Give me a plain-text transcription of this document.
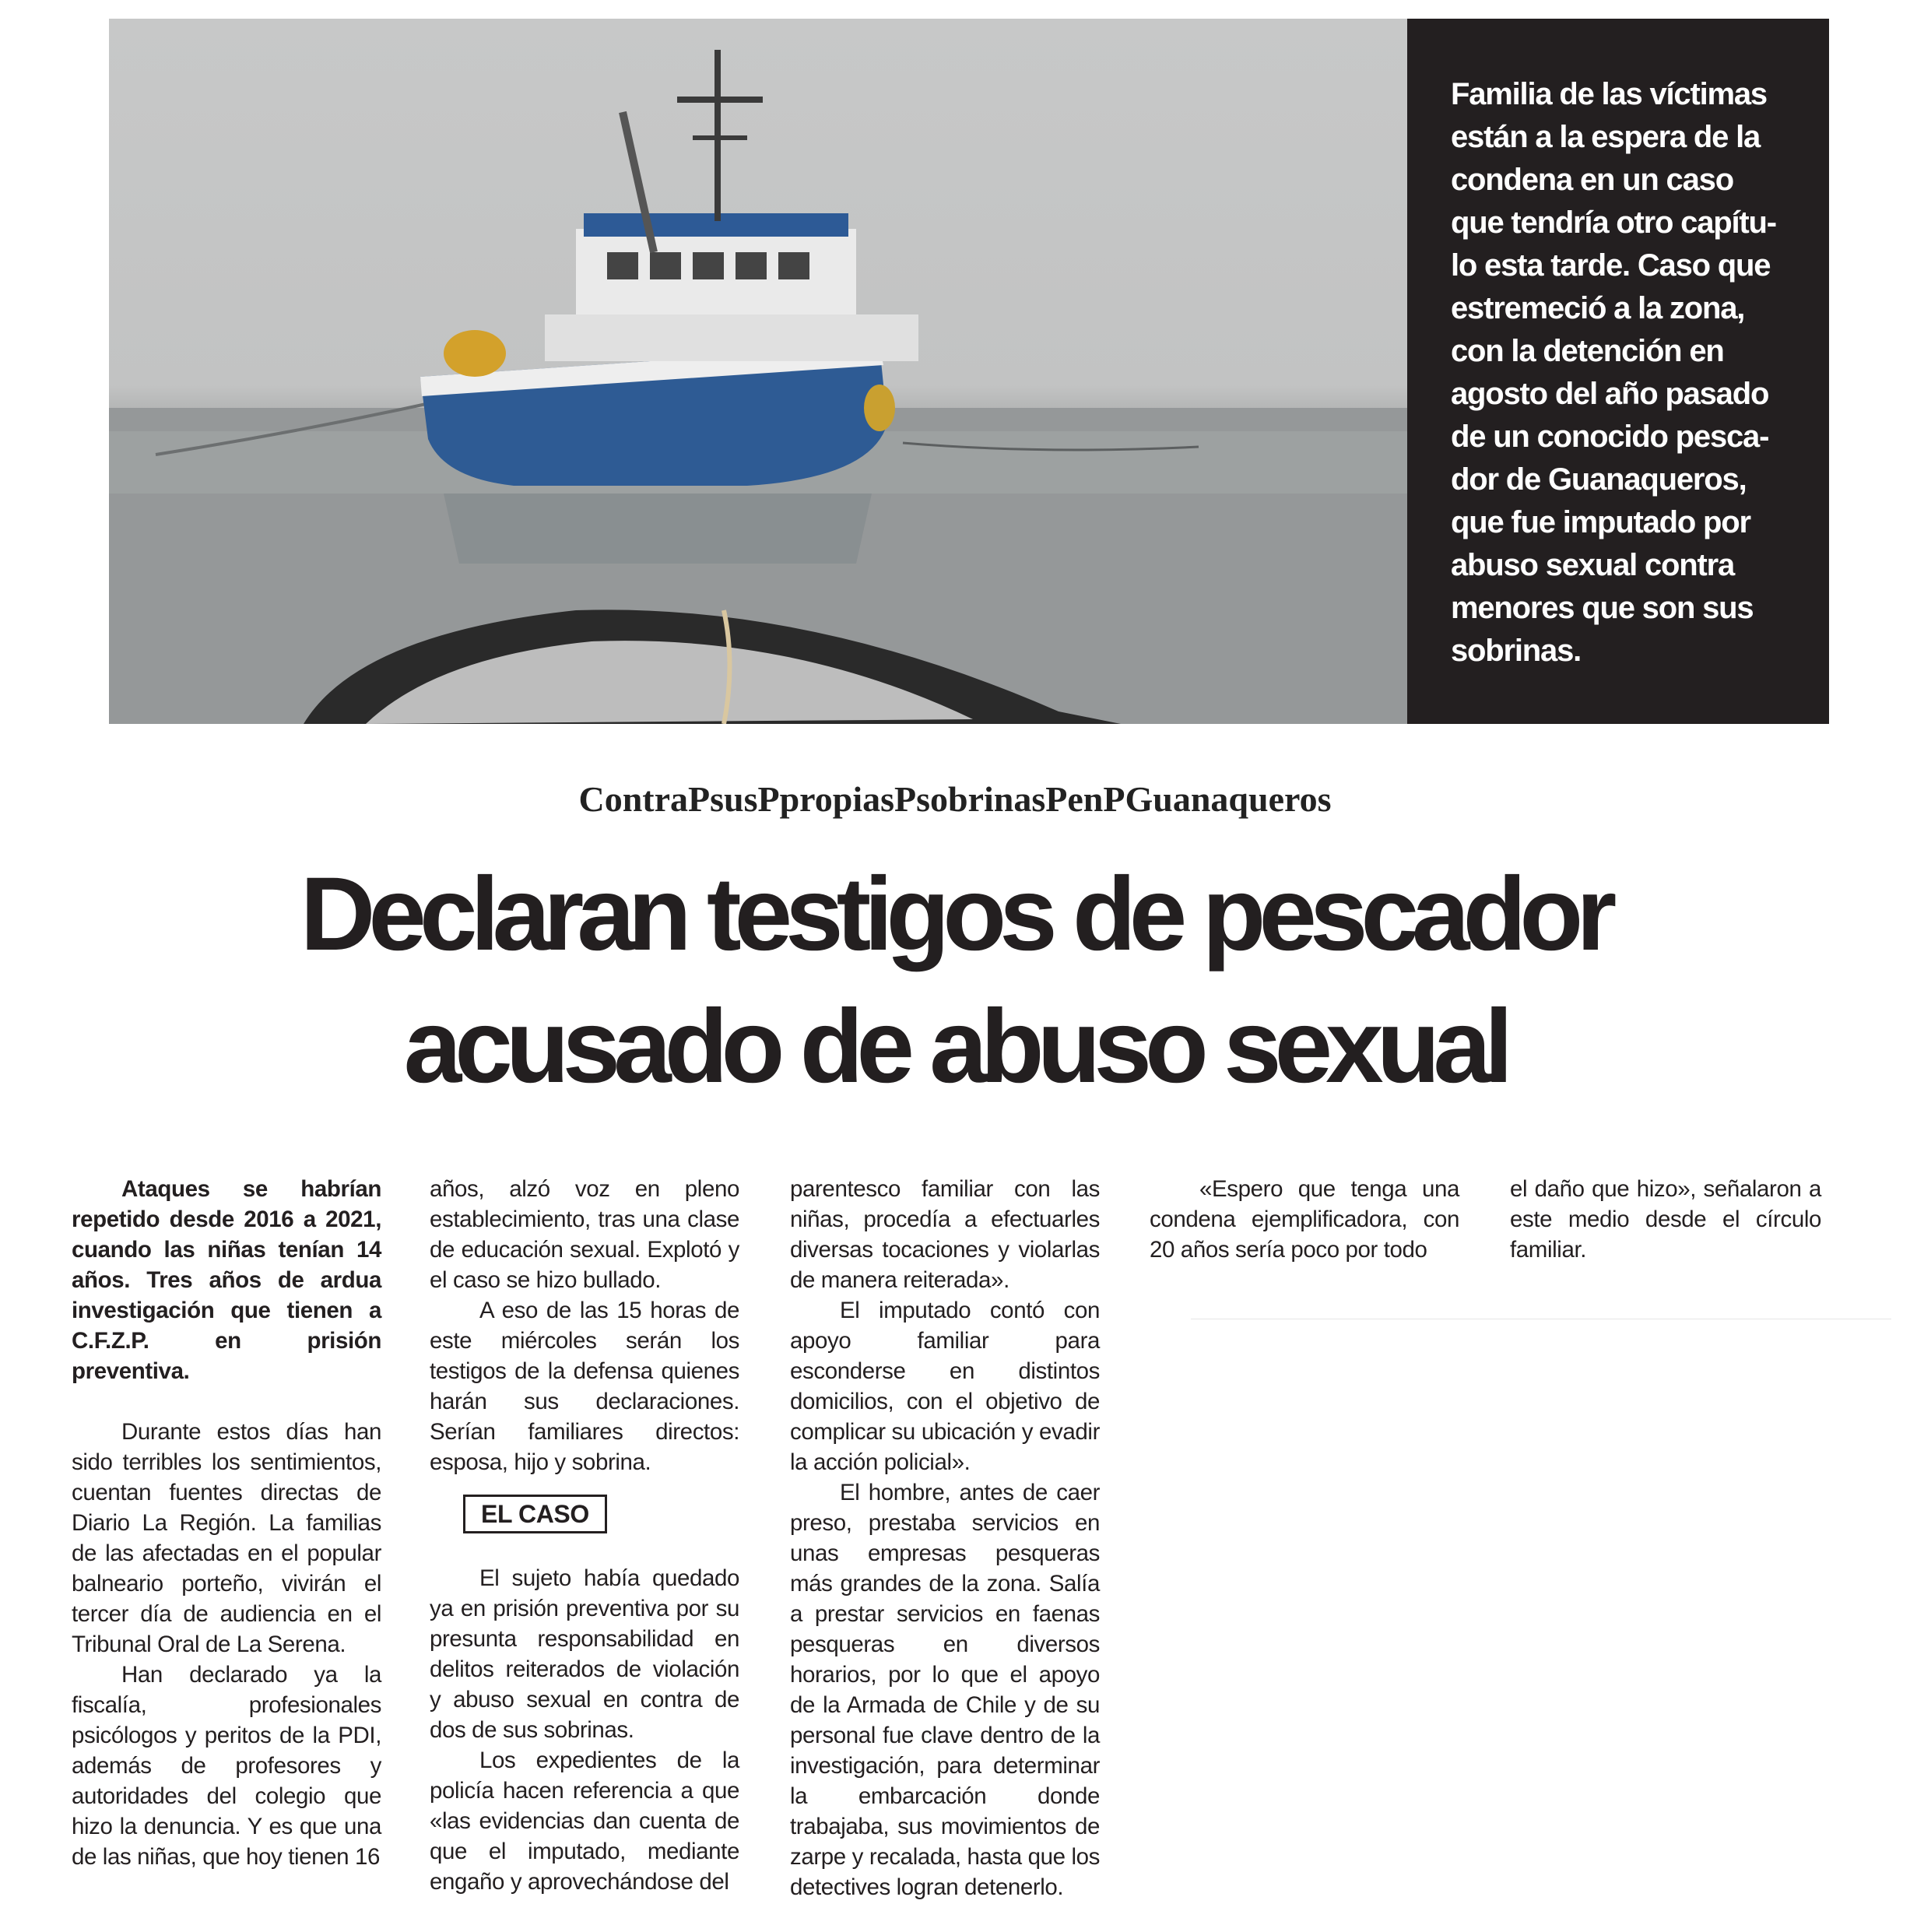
Familia de las víctimas
están a la espera de la
condena en un caso
que tendría otro capítu-
lo esta tarde. Caso que
estremeció a la zona,
con la detención en
agosto del año pasado
de un conocido pesca-
dor de Guanaqueros,
que fue imputado por
abuso sexual contra
menores que son sus
sobrinas.

ContraPsusPpropiasPsobrinasPenPGuanaqueros
Declaran testigos de pescador
acusado de abuso sexual

Ataques se habrían repetido desde 2016 a 2021, cuando las niñas tenían 14 años. Tres años de ardua investigación que tienen a C.F.Z.P. en prisión preventiva.

Durante estos días han sido terribles los sentimientos, cuentan fuentes directas de Diario La Región. La familias de las afectadas en el popular balneario porteño, vivirán el tercer día de audiencia en el Tribunal Oral de La Serena.

Han declarado ya la fiscalía, profesionales psicólogos y peritos de la PDI, además de profesores y autoridades del colegio que hizo la denuncia. Y es que una de las niñas, que hoy tienen 16

años, alzó voz en pleno establecimiento, tras una clase de educación sexual. Explotó y el caso se hizo bullado.

A eso de las 15 horas de este miércoles serán los testigos de la defensa quienes harán sus declaraciones. Serían familiares directos: esposa, hijo y sobrina.

EL CASO

El sujeto había quedado ya en prisión preventiva por su presunta responsabilidad en delitos reiterados de violación y abuso sexual en contra de dos de sus sobrinas.

Los expedientes de la policía hacen referencia a que «las evidencias dan cuenta de que el imputado, mediante engaño y aprovechándose del

parentesco familiar con las niñas, procedía a efectuarles diversas tocaciones y violarlas de manera reiterada».

El imputado contó con apoyo familiar para esconderse en distintos domicilios, con el objetivo de complicar su ubicación y evadir la acción policial».

El hombre, antes de caer preso, prestaba servicios en unas empresas pesqueras más grandes de la zona. Salía a prestar servicios en faenas pesqueras en diversos horarios, por lo que el apoyo de la Armada de Chile y de su personal fue clave dentro de la investigación, para determinar la embarcación donde trabajaba, sus movimientos de zarpe y recalada, hasta que los detectives logran detenerlo.

«Espero que tenga una condena ejemplificadora, con 20 años sería poco por todo

el daño que hizo», señalaron a este medio desde el círculo familiar.
